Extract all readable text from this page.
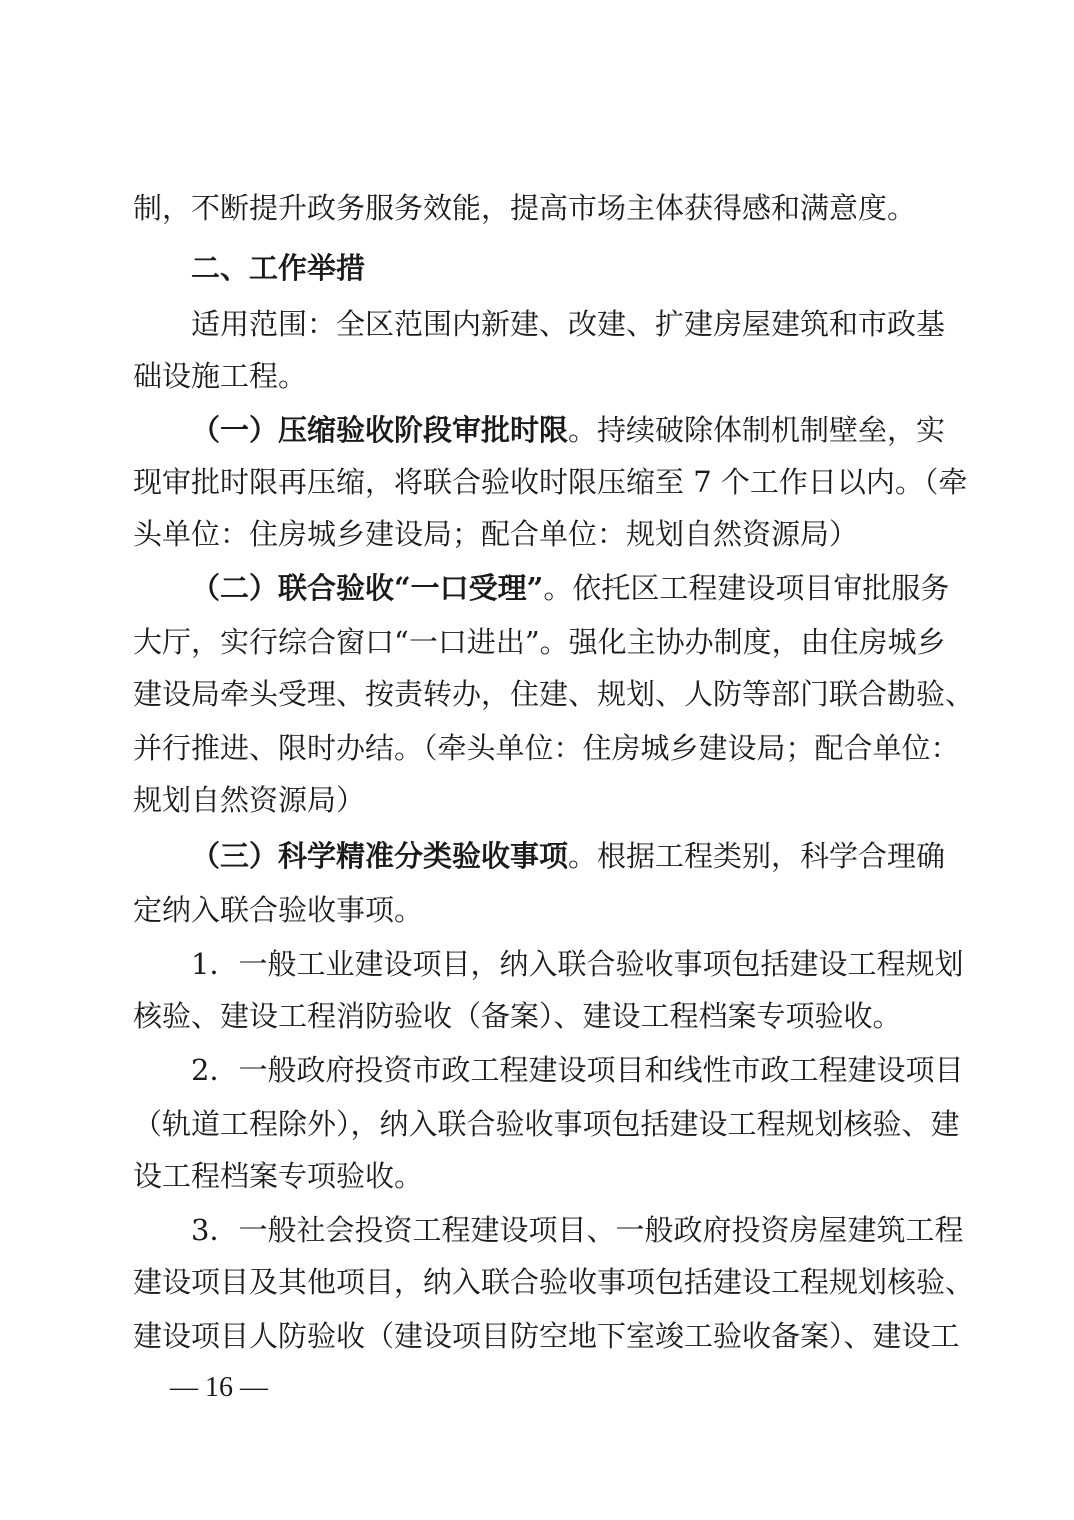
制，不断提升政务服务效能，提高市场主体获得感和满意度。
二、工作举措
适用范围：全区范围内新建、改建、扩建房屋建筑和市政基
础设施工程。
（一）压缩验收阶段审批时限。持续破除体制机制壁垒，实
现审批时限再压缩，将联合验收时限压缩至 7 个工作日以内。（牵
头单位：住房城乡建设局；配合单位：规划自然资源局）
（二）联合验收“一口受理”。依托区工程建设项目审批服务
大厅，实行综合窗口“一口进出”。强化主协办制度，由住房城乡
建设局牵头受理、按责转办，住建、规划、人防等部门联合勘验、
并行推进、限时办结。（牵头单位：住房城乡建设局；配合单位：
规划自然资源局）
（三）科学精准分类验收事项。根据工程类别，科学合理确
定纳入联合验收事项。
1．一般工业建设项目，纳入联合验收事项包括建设工程规划
核验、建设工程消防验收（备案）、建设工程档案专项验收。
2．一般政府投资市政工程建设项目和线性市政工程建设项目
（轨道工程除外），纳入联合验收事项包括建设工程规划核验、建
设工程档案专项验收。
3．一般社会投资工程建设项目、一般政府投资房屋建筑工程
建设项目及其他项目，纳入联合验收事项包括建设工程规划核验、
建设项目人防验收（建设项目防空地下室竣工验收备案）、建设工
— 16 —
